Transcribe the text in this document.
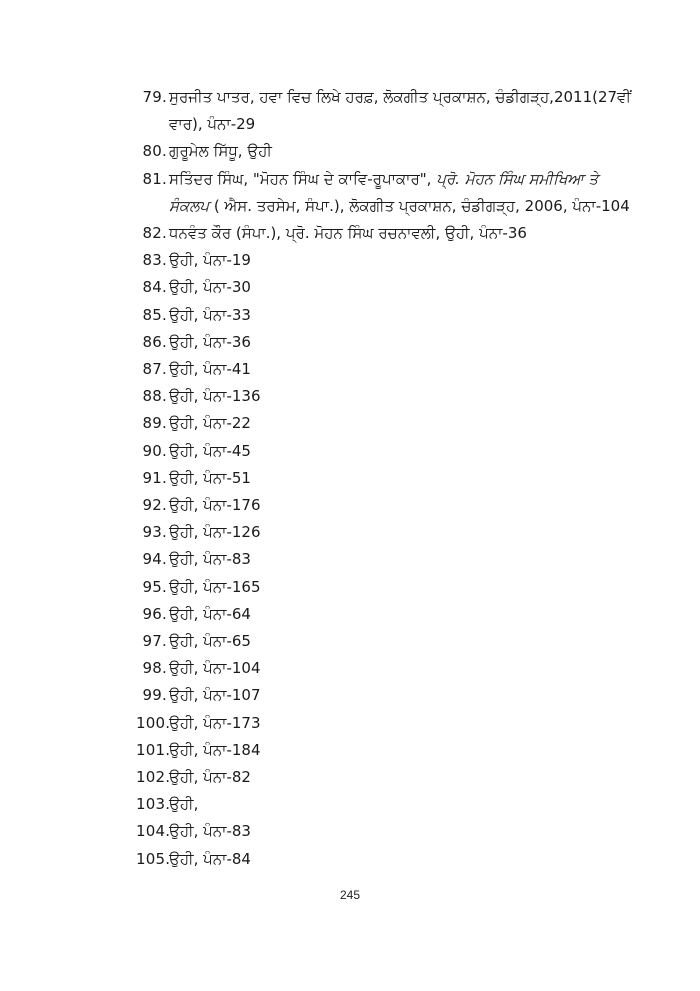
79. ਸੁਰਜੀਤ ਪਾਤਰ, ਹਵਾ ਵਿਚ ਲਿਖੇ ਹਰਫ਼, ਲੋਕਗੀਤ ਪ੍ਰਕਾਸ਼ਨ, ਚੰਡੀਗੜ੍ਹ,2011(27ਵੀਂ
ਵਾਰ), ਪੰਨਾ-29
80. ਗੁਰੂਮੇਲ ਸਿੱਧੂ, ਉਹੀ
81. ਸਤਿੰਦਰ ਸਿੰਘ, "ਮੋਹਨ ਸਿੰਘ ਦੇ ਕਾਵਿ-ਰੂਪਾਕਾਰ", ਪ੍ਰੋ. ਮੋਹਨ ਸਿੰਘ ਸਮੀਖਿਆ ਤੇ
ਸੰਕਲਪ ( ਐਸ. ਤਰਸੇਮ, ਸੰਪਾ.), ਲੋਕਗੀਤ ਪ੍ਰਕਾਸ਼ਨ, ਚੰਡੀਗੜ੍ਹ, 2006, ਪੰਨਾ-104
82. ਧਨਵੰਤ ਕੌਰ (ਸੰਪਾ.), ਪ੍ਰੋ. ਮੋਹਨ ਸਿੰਘ ਰਚਨਾਵਲੀ, ਉਹੀ, ਪੰਨਾ-36
83. ਉਹੀ, ਪੰਨਾ-19
84. ਉਹੀ, ਪੰਨਾ-30
85. ਉਹੀ, ਪੰਨਾ-33
86. ਉਹੀ, ਪੰਨਾ-36
87. ਉਹੀ, ਪੰਨਾ-41
88. ਉਹੀ, ਪੰਨਾ-136
89. ਉਹੀ, ਪੰਨਾ-22
90. ਉਹੀ, ਪੰਨਾ-45
91. ਉਹੀ, ਪੰਨਾ-51
92. ਉਹੀ, ਪੰਨਾ-176
93. ਉਹੀ, ਪੰਨਾ-126
94. ਉਹੀ, ਪੰਨਾ-83
95. ਉਹੀ, ਪੰਨਾ-165
96. ਉਹੀ, ਪੰਨਾ-64
97. ਉਹੀ, ਪੰਨਾ-65
98. ਉਹੀ, ਪੰਨਾ-104
99. ਉਹੀ, ਪੰਨਾ-107
100.
ਉਹੀ, ਪੰਨਾ-173
101.
ਉਹੀ, ਪੰਨਾ-184
102.
ਉਹੀ, ਪੰਨਾ-82
103.
ਉਹੀ,
104.
ਉਹੀ, ਪੰਨਾ-83
105.
ਉਹੀ, ਪੰਨਾ-84
245
